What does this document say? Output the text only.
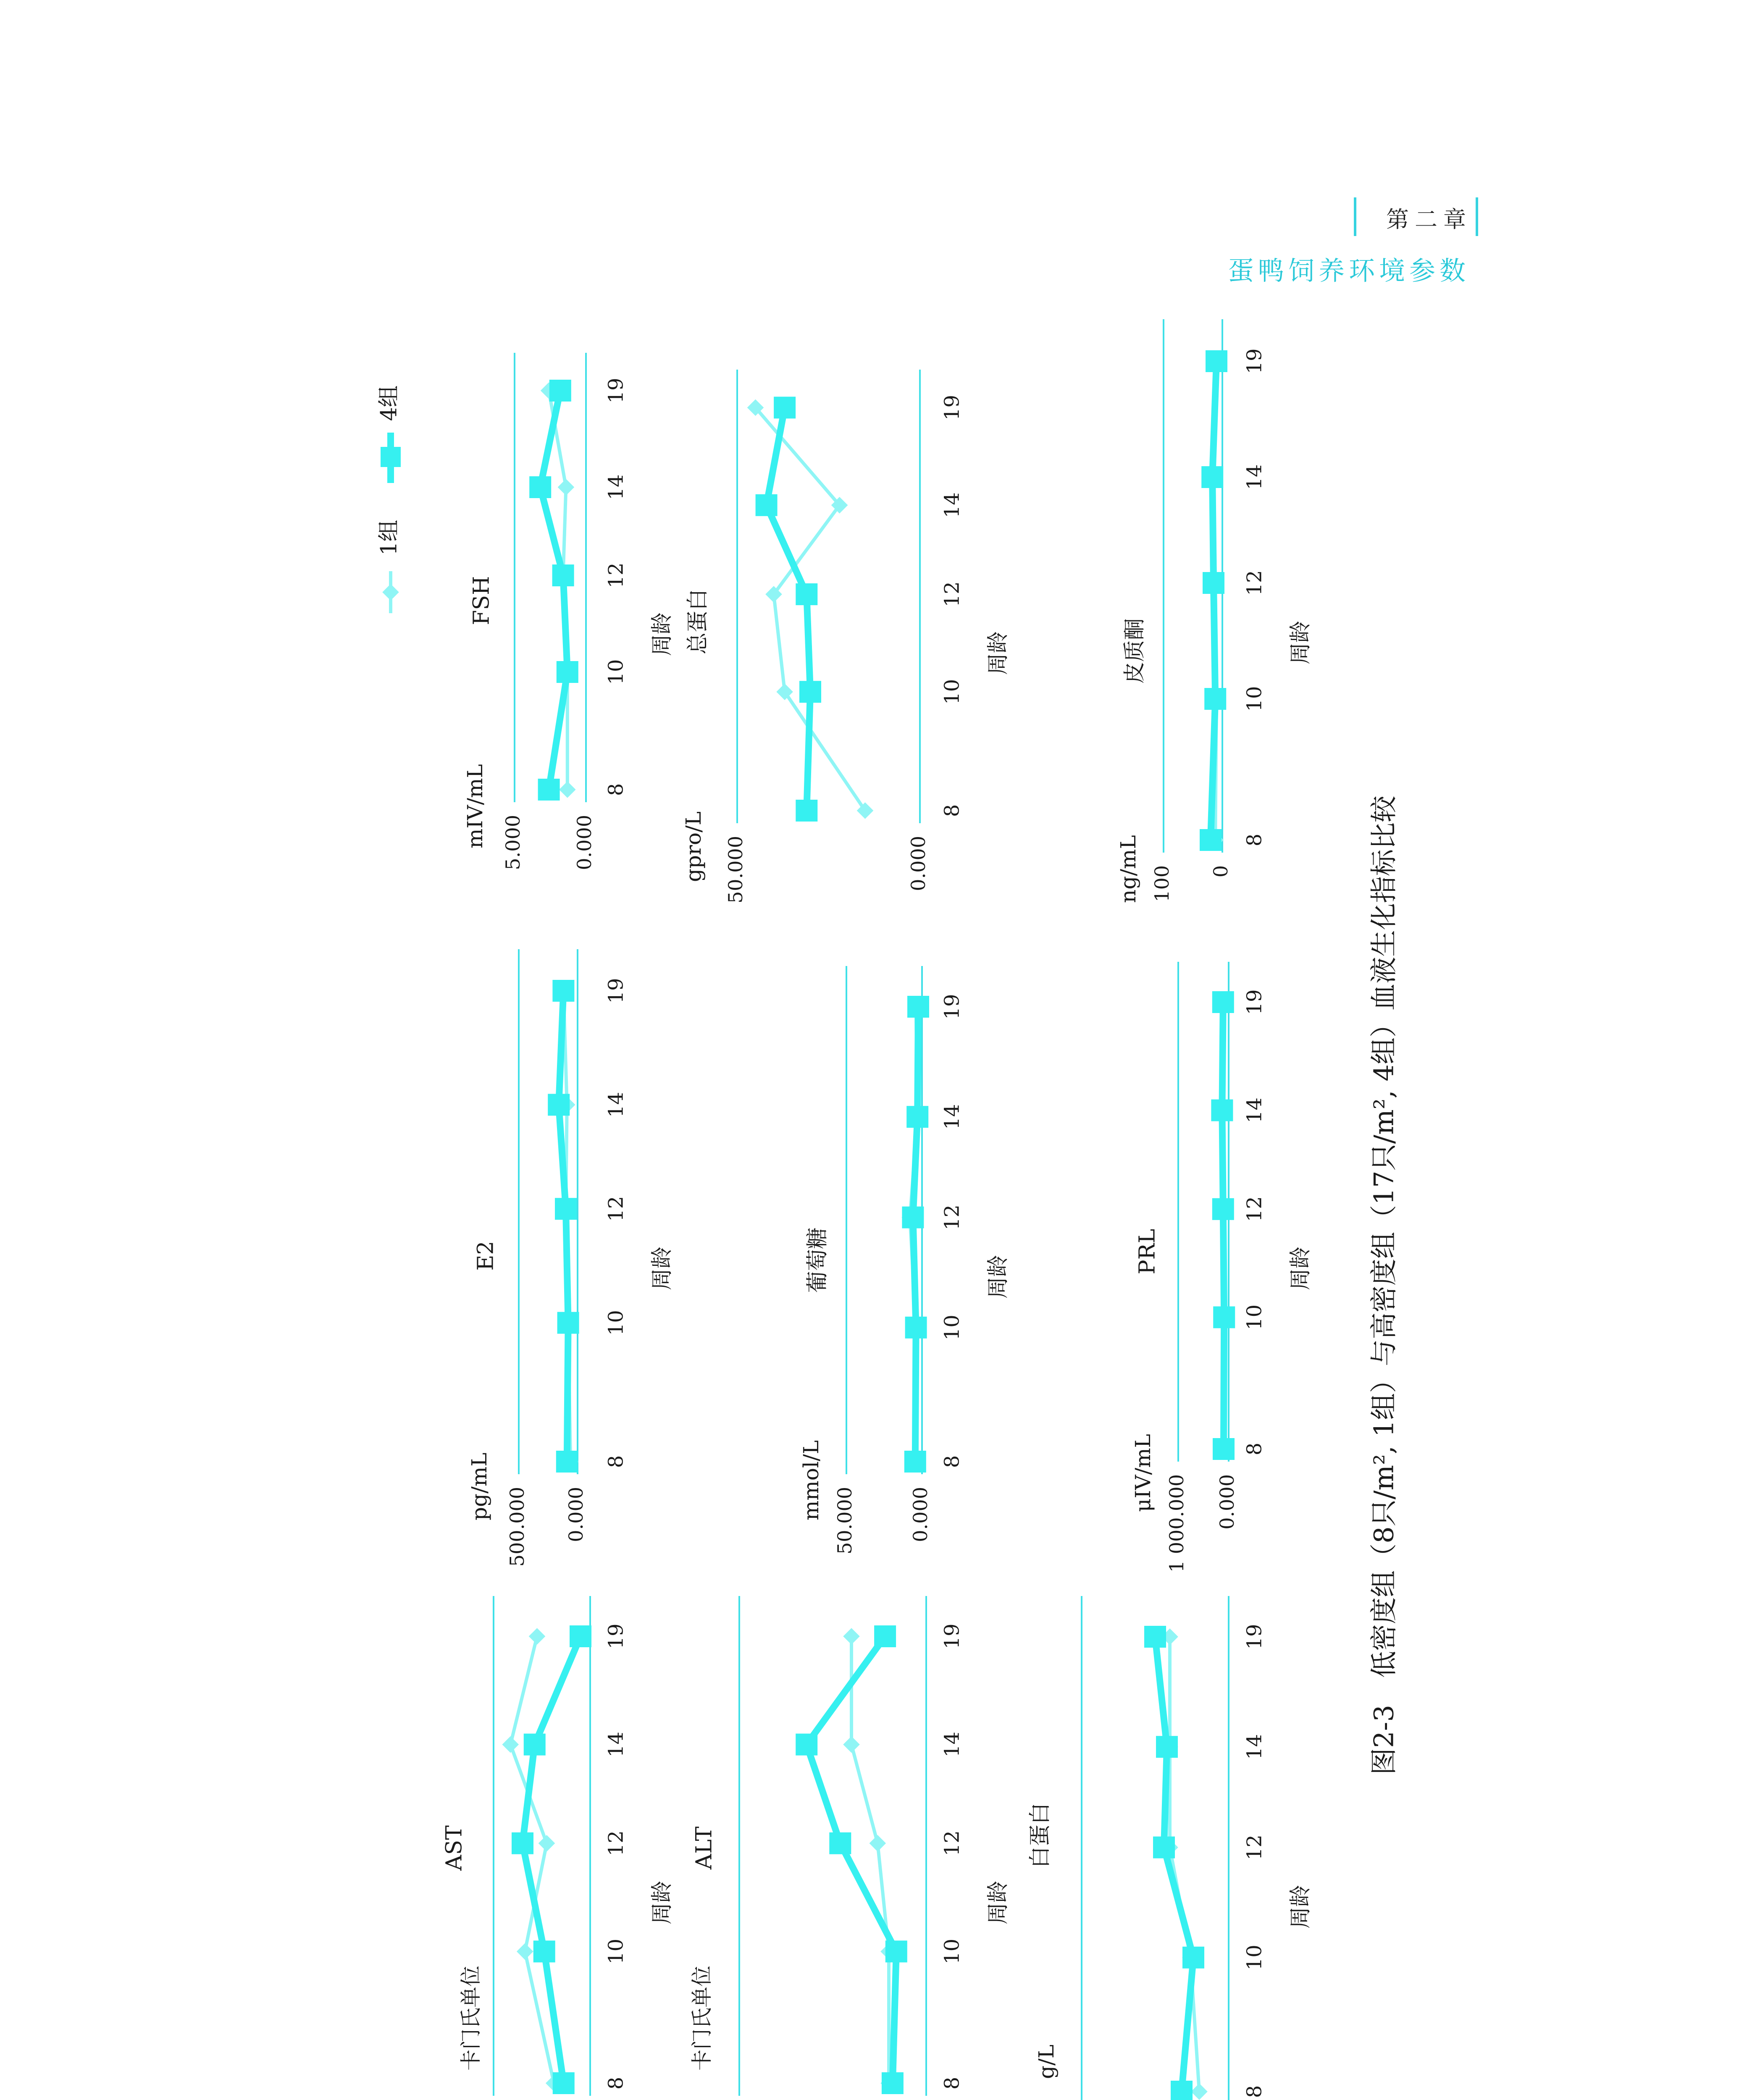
第二章
蛋鸭饲养环境参数
AST
卡门氏单位
周龄
8
10
12
14
19
E2
pg/mL
周龄
500.000 0.000
8
10
12
14
19
FSH
mIV/mL
周龄
5.000	0.000
8
10
12
14
19
ALT
卡门氏单位
周龄
8
10
12
14
19
葡萄糖
mmol/L
周龄
50.000	0.000
8
10
12
14
19
总蛋白
gpro/L
周龄
50.000	0.000
8
10
12
14
19
白蛋白
g/L
周龄
8
10
12
14
19
PRL
μIV/mL
周龄
1 000.000 0.000
8
10
12
14
19
皮质酮
ng/mL
周龄
100 0
8
10
12
14
19
1组
4组
图2-3　低密度组（8只/m², 1组）与高密度组（17只/m², 4组）血液生化指标比较
